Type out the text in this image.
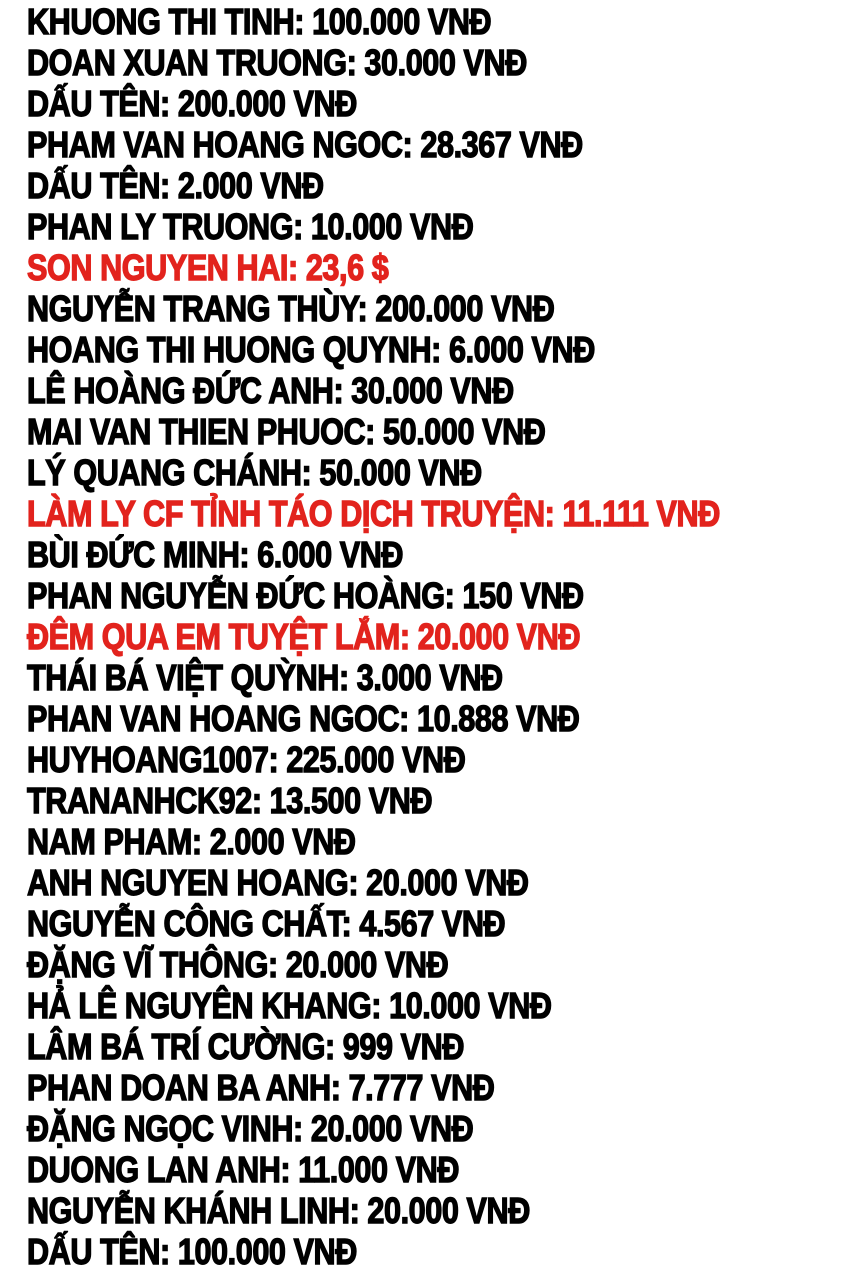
KHUONG THI TINH: 100.000 VNĐ
DOAN XUAN TRUONG: 30.000 VNĐ
DẤU TÊN: 200.000 VNĐ
PHAM VAN HOANG NGOC: 28.367 VNĐ
DẤU TÊN: 2.000 VNĐ
PHAN LY TRUONG: 10.000 VNĐ
SON NGUYEN HAI: 23,6 $
NGUYỄN TRANG THÙY: 200.000 VNĐ
HOANG THI HUONG QUYNH: 6.000 VNĐ
LÊ HOÀNG ĐỨC ANH: 30.000 VNĐ
MAI VAN THIEN PHUOC: 50.000 VNĐ
LÝ QUANG CHÁNH: 50.000 VNĐ
LÀM LY CF TỈNH TÁO DỊCH TRUYỆN: 11.111 VNĐ
BÙI ĐỨC MINH: 6.000 VNĐ
PHAN NGUYỄN ĐỨC HOÀNG: 150 VNĐ
ĐÊM QUA EM TUYỆT LẮM: 20.000 VNĐ
THÁI BÁ VIỆT QUỲNH: 3.000 VNĐ
PHAN VAN HOANG NGOC: 10.888 VNĐ
HUYHOANG1007: 225.000 VNĐ
TRANANHCK92: 13.500 VNĐ
NAM PHAM: 2.000 VNĐ
ANH NGUYEN HOANG: 20.000 VNĐ
NGUYỄN CÔNG CHẤT: 4.567 VNĐ
ĐẶNG VĨ THÔNG: 20.000 VNĐ
HẢ LÊ NGUYÊN KHANG: 10.000 VNĐ
LÂM BÁ TRÍ CƯỜNG: 999 VNĐ
PHAN DOAN BA ANH: 7.777 VNĐ
ĐẶNG NGỌC VINH: 20.000 VNĐ
DUONG LAN ANH: 11.000 VNĐ
NGUYỄN KHÁNH LINH: 20.000 VNĐ
DẤU TÊN: 100.000 VNĐ
